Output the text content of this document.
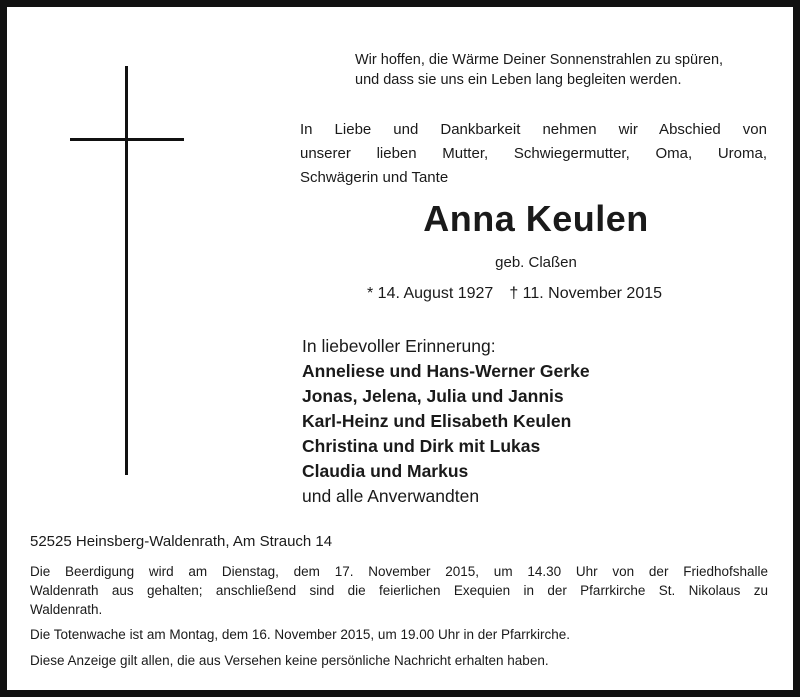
Wir hoffen, die Wärme Deiner Sonnenstrahlen zu spüren,
und dass sie uns ein Leben lang begleiten werden.
In Liebe und Dankbarkeit nehmen wir Abschied von
unserer lieben Mutter, Schwiegermutter, Oma, Uroma,
Schwägerin und Tante
Anna Keulen
geb. Claßen
* 14. August 1927 † 11. November 2015
In liebevoller Erinnerung:
Anneliese und Hans-Werner Gerke
Jonas, Jelena, Julia und Jannis
Karl-Heinz und Elisabeth Keulen
Christina und Dirk mit Lukas
Claudia und Markus
und alle Anverwandten
52525 Heinsberg-Waldenrath, Am Strauch 14
Die Beerdigung wird am Dienstag, dem 17. November 2015, um 14.30 Uhr von der Friedhofshalle
Waldenrath aus gehalten; anschließend sind die feierlichen Exequien in der Pfarrkirche St. Nikolaus zu
Waldenrath.
Die Totenwache ist am Montag, dem 16. November 2015, um 19.00 Uhr in der Pfarrkirche.
Diese Anzeige gilt allen, die aus Versehen keine persönliche Nachricht erhalten haben.
